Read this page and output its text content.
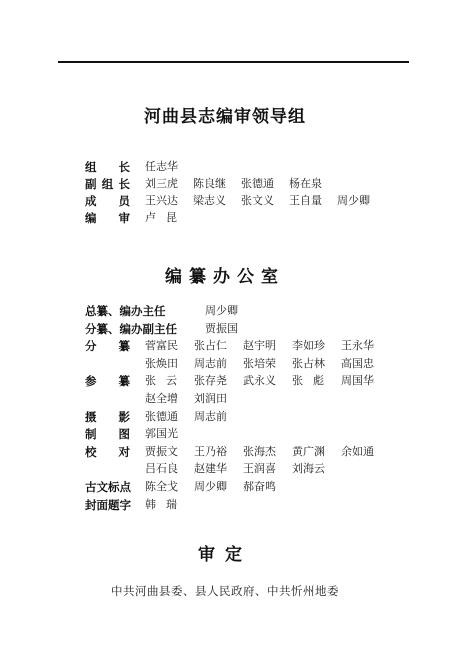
河曲县志编审领导组
组 长 任志华
副 组 长 刘三虎 陈良继 张德通 杨在泉
成 员 王兴达 梁志义 张文义 王自量 周少卿
编 审 卢昆
编纂办公室
总纂、编办主任	周少卿
分纂、编办副主任	贾振国
分 纂 菅富民 张占仁 赵宇明 李如珍 王永华
张焕田 周志前 张培荣 张占林 高国忠
参 纂 张云 张存尧 武永义 张彪 周国华
赵全增 刘润田
摄 影 张德通 周志前
制 图 郭国光
校 对 贾振文 王乃裕 张海杰 黄广渊 余如通
吕石良 赵建华 王润喜 刘海云
古文标点 陈全戈 周少卿 郝奋鸣
封面题字 韩瑞
审定
中共河曲县委、县人民政府、中共忻州地委
